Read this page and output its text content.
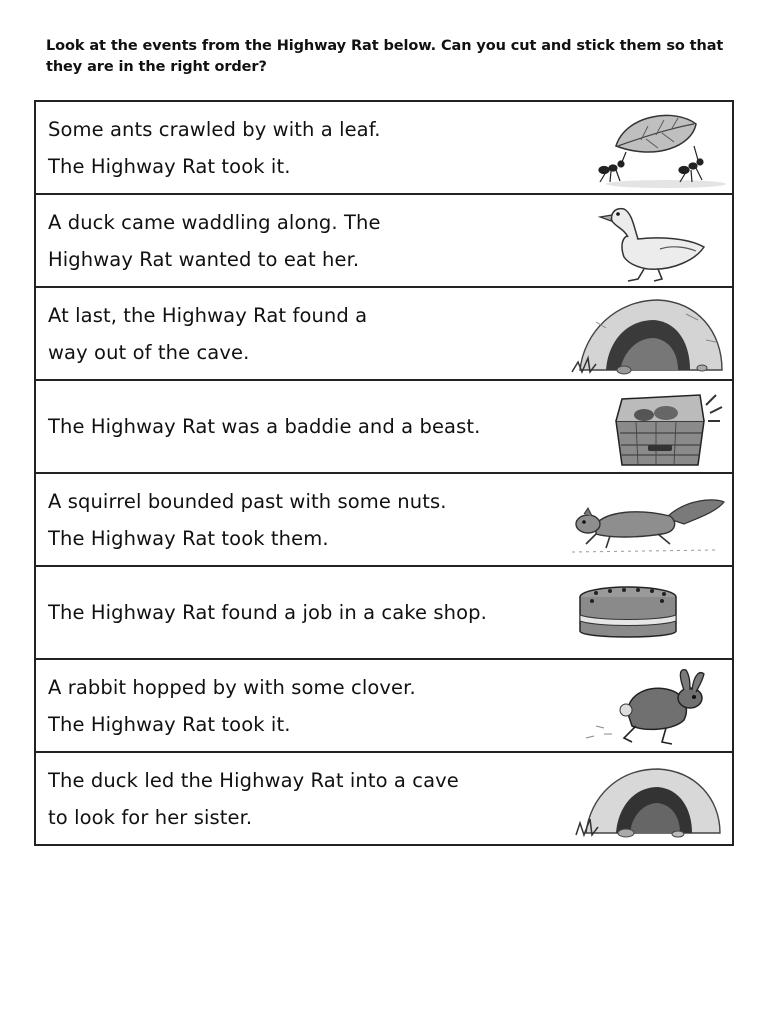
Look at the events from the Highway Rat below. Can you cut and stick them so that they are in the right order?
Some ants crawled by with a leaf.
The Highway Rat took it.
A duck came waddling along. The
Highway Rat wanted to eat her.
At last, the Highway Rat found a
way out of the cave.
The Highway Rat was a baddie and a beast.
A squirrel bounded past with some nuts.
The Highway Rat took them.
The Highway Rat found a job in a cake shop.
A rabbit hopped by with some clover.
The Highway Rat took it.
The duck led the Highway Rat into a cave
to look for her sister.
